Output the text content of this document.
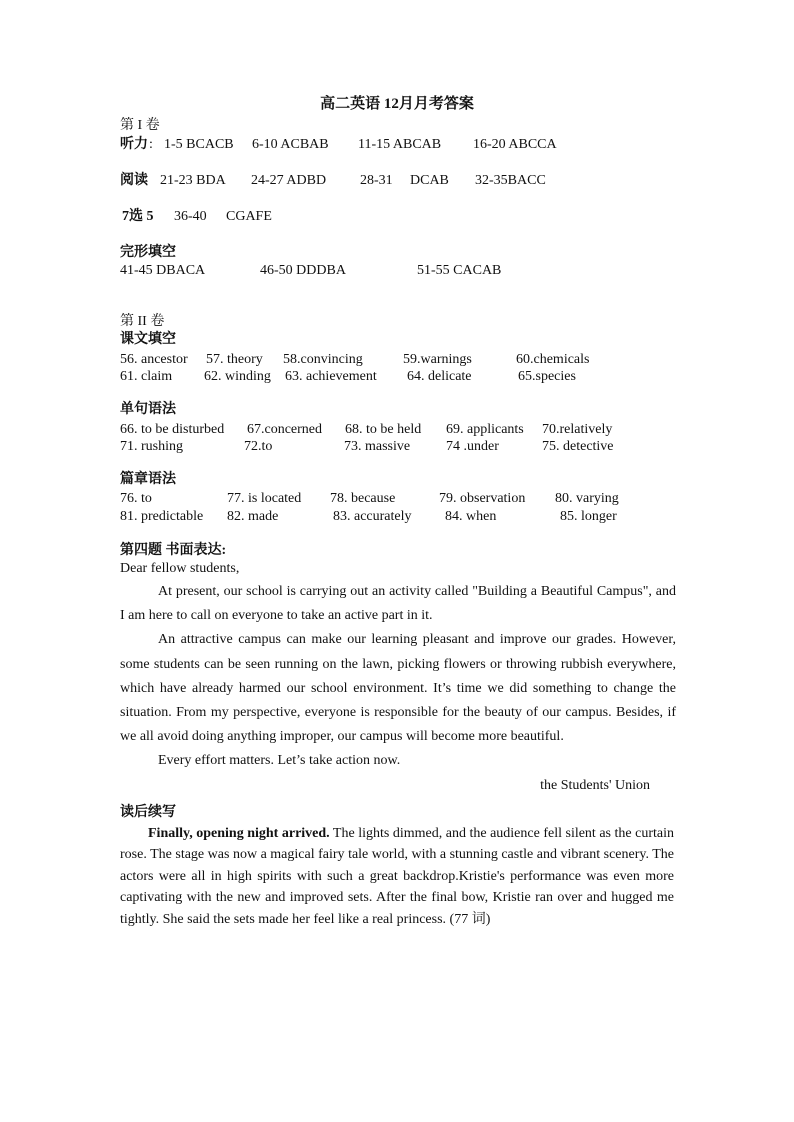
高二英语 12月月考答案
第 I 卷
听力 : 1-5 BCACB 6-10 ACBAB 11-15 ABCAB 16-20 ABCCA
阅读 21-23 BDA 24-27 ADBD 28-31 DCAB 32-35BACC
7选 5 36-40 CGAFE
完形填空
41-45 DBACA	46-50 DDDBA	51-55 CACAB
第 II 卷
课文填空
56. ancestor 57. theory 58.convincing	59.warnings	60.chemicals
61. claim 62. winding 63. achievement 64. delicate	65.species
单句语法
66. to be disturbed 67.concerned 68. to be held 69. applicants 70.relatively
71. rushing	72.to	73. massive	74 .under	75. detective
篇章语法
76. to	77. is located 78. because	79. observation 80. varying
81. predictable 82. made	83. accurately 84. when	85. longer
第四题 书面表达:
Dear fellow students,

At present, our school is carrying out an activity called "Building a Beautiful Campus", and I am here to call on everyone to take an active part in it.

An attractive campus can make our learning pleasant and improve our grades. However, some students can be seen running on the lawn, picking flowers or throwing rubbish everywhere, which have already harmed our school environment. It’s time we did something to change the situation. From my perspective, everyone is responsible for the beauty of our campus. Besides, if we all avoid doing anything improper, our campus will become more beautiful.

Every effort matters. Let’s take action now.

the Students' Union
读后续写
Finally, opening night arrived. The lights dimmed, and the audience fell silent as the curtain rose. The stage was now a magical fairy tale world, with a stunning castle and vibrant scenery. The actors were all in high spirits with such a great backdrop.Kristie's performance was even more captivating with the new and improved sets. After the final bow, Kristie ran over and hugged me tightly. She said the sets made her feel like a real princess. (77 词)
